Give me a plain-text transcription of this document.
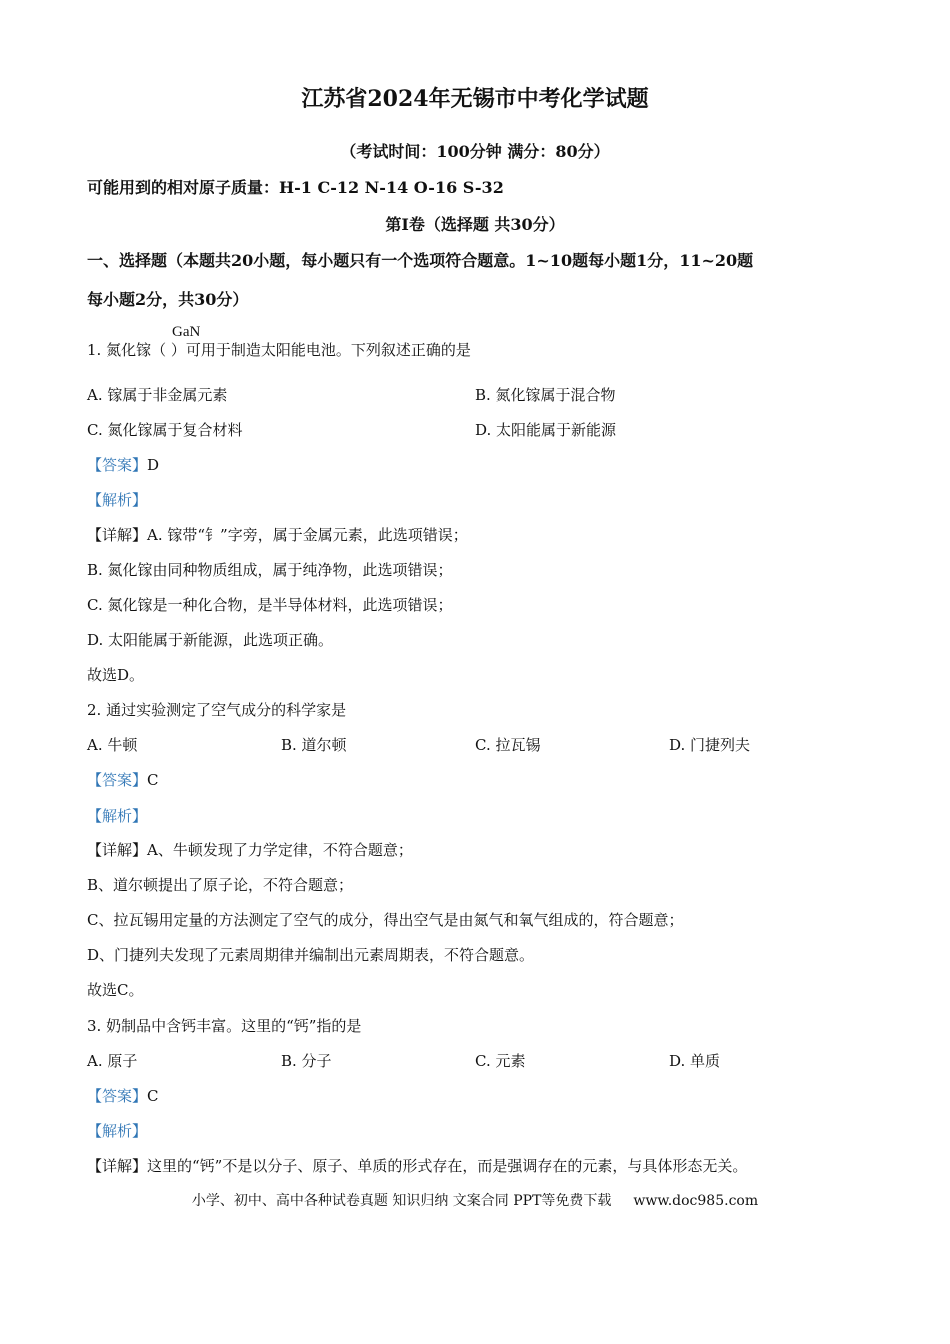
江苏省2024年无锡市中考化学试题
（考试时间：100分钟 满分：80分）
可能用到的相对原子质量：H-1 C-12 N-14 O-16 S-32
第Ⅰ卷（选择题 共30分）
一、选择题（本题共20小题，每小题只有一个选项符合题意。1~10题每小题1分，11~20题
每小题2分，共30分）
GaN
1. 氮化镓（ ）可用于制造太阳能电池。下列叙述正确的是
A. 镓属于非金属元素	B. 氮化镓属于混合物
C. 氮化镓属于复合材料	D. 太阳能属于新能源
【答案】D
【解析】
【详解】A. 镓带“钅”字旁，属于金属元素，此选项错误；
B. 氮化镓由同种物质组成，属于纯净物，此选项错误；
C. 氮化镓是一种化合物，是半导体材料，此选项错误；
D. 太阳能属于新能源，此选项正确。
故选D。
2. 通过实验测定了空气成分的科学家是
A. 牛顿	B. 道尔顿	C. 拉瓦锡	D. 门捷列夫
【答案】C
【解析】
【详解】A、牛顿发现了力学定律，不符合题意；
B、道尔顿提出了原子论，不符合题意；
C、拉瓦锡用定量的方法测定了空气的成分，得出空气是由氮气和氧气组成的，符合题意；
D、门捷列夫发现了元素周期律并编制出元素周期表，不符合题意。
故选C。
3. 奶制品中含钙丰富。这里的“钙”指的是
A. 原子	B. 分子	C. 元素	D. 单质
【答案】C
【解析】
【详解】这里的“钙”不是以分子、原子、单质的形式存在，而是强调存在的元素，与具体形态无关。
小学、初中、高中各种试卷真题 知识归纳 文案合同 PPT等免费下载 www.doc985.com
